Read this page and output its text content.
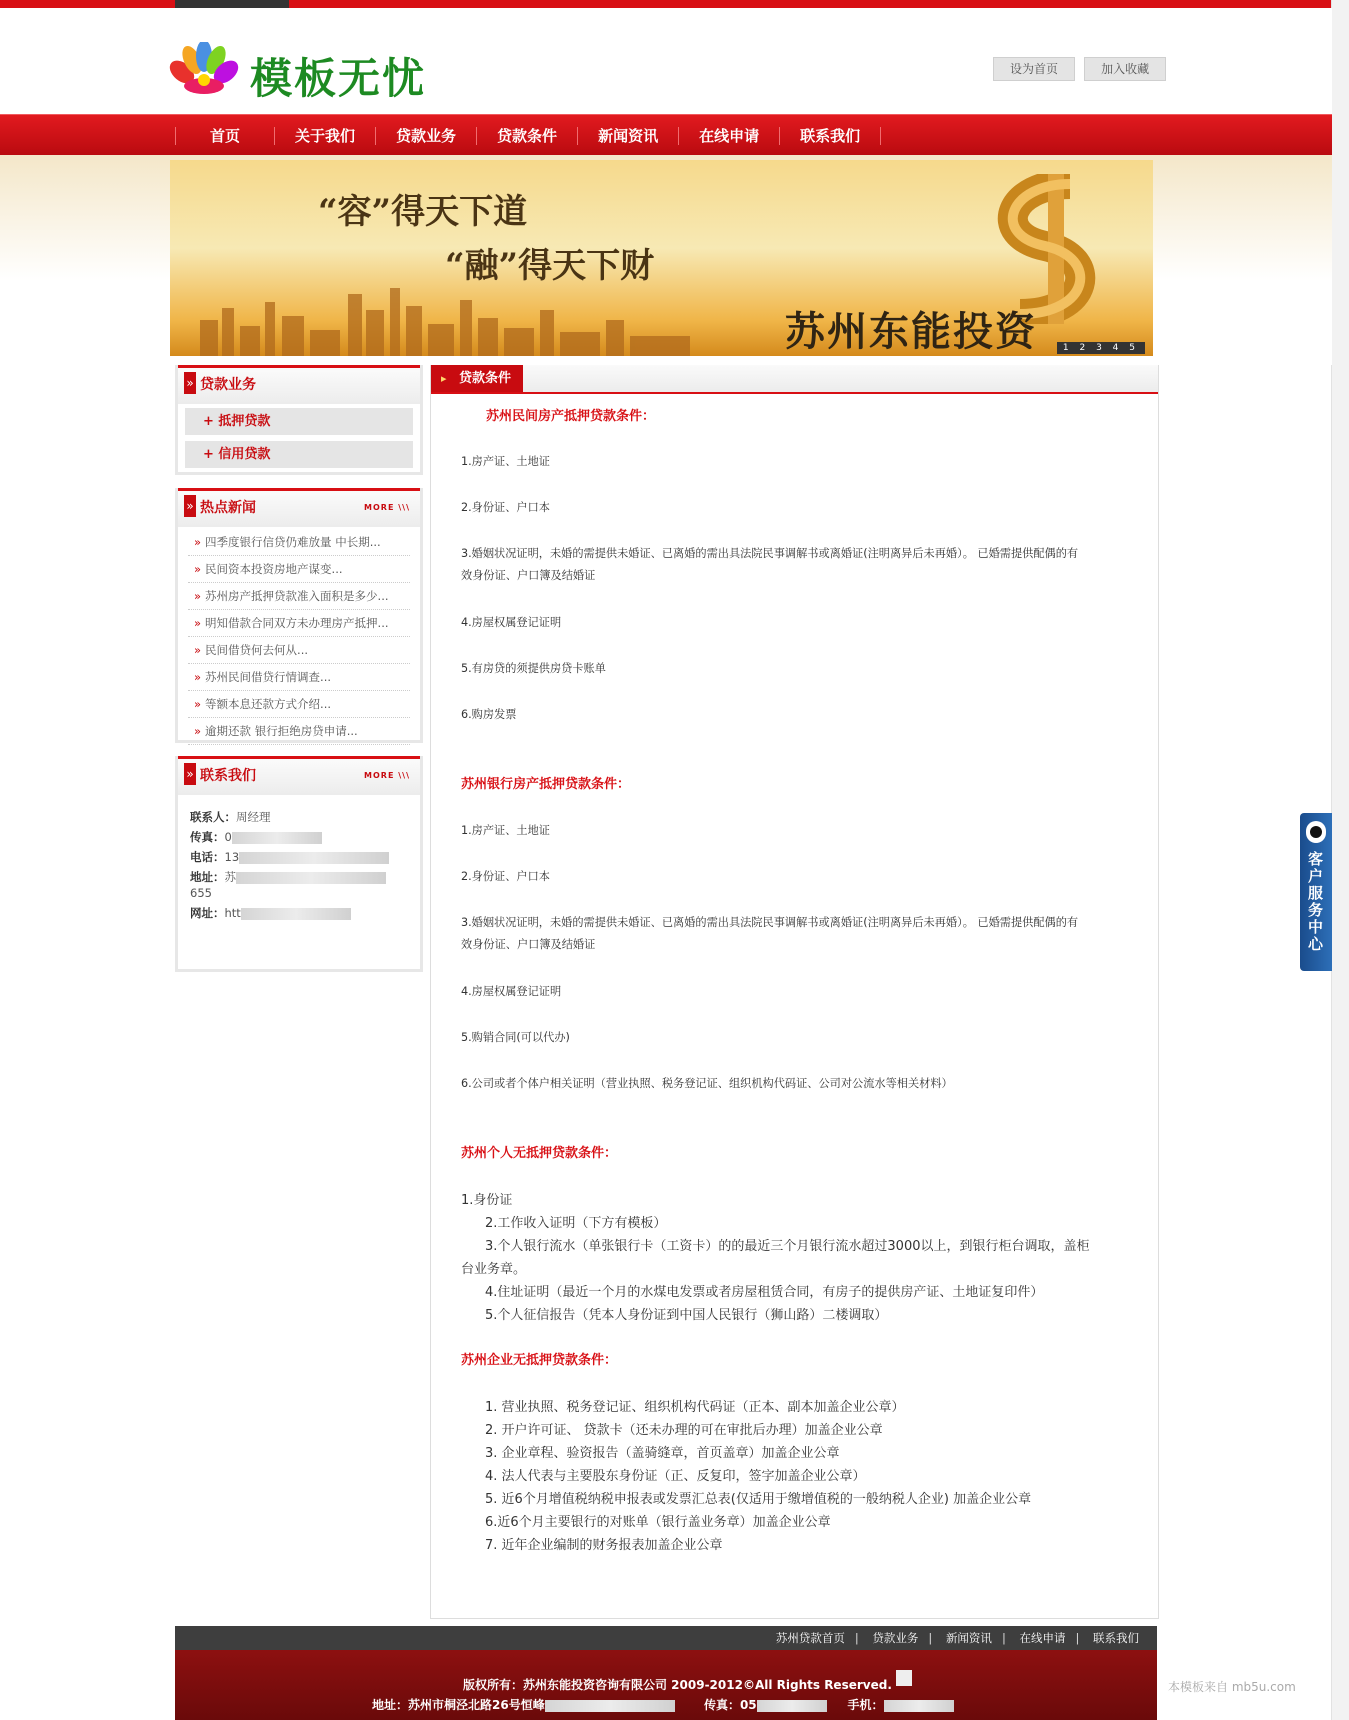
模板无忧	设为首页	加入收藏
首页	关于我们	贷款业务	贷款条件	新闻资讯	在线申请	联系我们
“容”得天下道
“融”得天下财
苏州东能投资	1 2 3 4 5
» 贷款业务
+ 抵押贷款
+ 信用贷款
» 热点新闻	MORE \\\
» 四季度银行信贷仍难放量 中长期...
» 民间资本投资房地产谋变...
» 苏州房产抵押贷款准入面积是多少...
» 明知借款合同双方未办理房产抵押...
» 民间借贷何去何从...
» 苏州民间借贷行情调查...
» 等额本息还款方式介绍...
» 逾期还款 银行拒绝房贷申请...
» 联系我们	MORE \\\
联系人：周经理
传真：0
电话：13
地址：苏
655
网址：htt
▸ 贷款条件
苏州民间房产抵押贷款条件：
1.房产证、土地证
2.身份证、户口本
3.婚姻状况证明，未婚的需提供未婚证、已离婚的需出具法院民事调解书或离婚证(注明离异后未再婚）。 已婚需提供配偶的有
效身份证、户口簿及结婚证
4.房屋权属登记证明
5.有房贷的须提供房贷卡账单
6.购房发票
苏州银行房产抵押贷款条件：
1.房产证、土地证
2.身份证、户口本
3.婚姻状况证明，未婚的需提供未婚证、已离婚的需出具法院民事调解书或离婚证(注明离异后未再婚）。 已婚需提供配偶的有
效身份证、户口簿及结婚证
4.房屋权属登记证明
5.购销合同(可以代办)
6.公司或者个体户相关证明（营业执照、税务登记证、组织机构代码证、公司对公流水等相关材料）
苏州个人无抵押贷款条件：
1.身份证
2.工作收入证明（下方有模板）
3.个人银行流水（单张银行卡（工资卡）的的最近三个月银行流水超过3000以上，到银行柜台调取，盖柜
台业务章。
4.住址证明（最近一个月的水煤电发票或者房屋租赁合同，有房子的提供房产证、土地证复印件）
5.个人征信报告（凭本人身份证到中国人民银行（狮山路）二楼调取）
苏州企业无抵押贷款条件：
1. 营业执照、税务登记证、组织机构代码证（正本、副本加盖企业公章）
2. 开户许可证、 贷款卡（还未办理的可在审批后办理）加盖企业公章
3. 企业章程、验资报告（盖骑缝章，首页盖章）加盖企业公章
4. 法人代表与主要股东身份证（正、反复印，签字加盖企业公章）
5. 近6个月增值税纳税申报表或发票汇总表(仅适用于缴增值税的一般纳税人企业) 加盖企业公章
6.近6个月主要银行的对账单（银行盖业务章）加盖企业公章
7. 近年企业编制的财务报表加盖企业公章
客户服务中心
苏州贷款首页 | 贷款业务 | 新闻资讯 | 在线申请 | 联系我们
版权所有：苏州东能投资咨询有限公司 2009-2012©All Rights Reserved.
地址：苏州市桐泾北路26号恒峰	传真：05	手机：
本模板来自 mb5u.com
